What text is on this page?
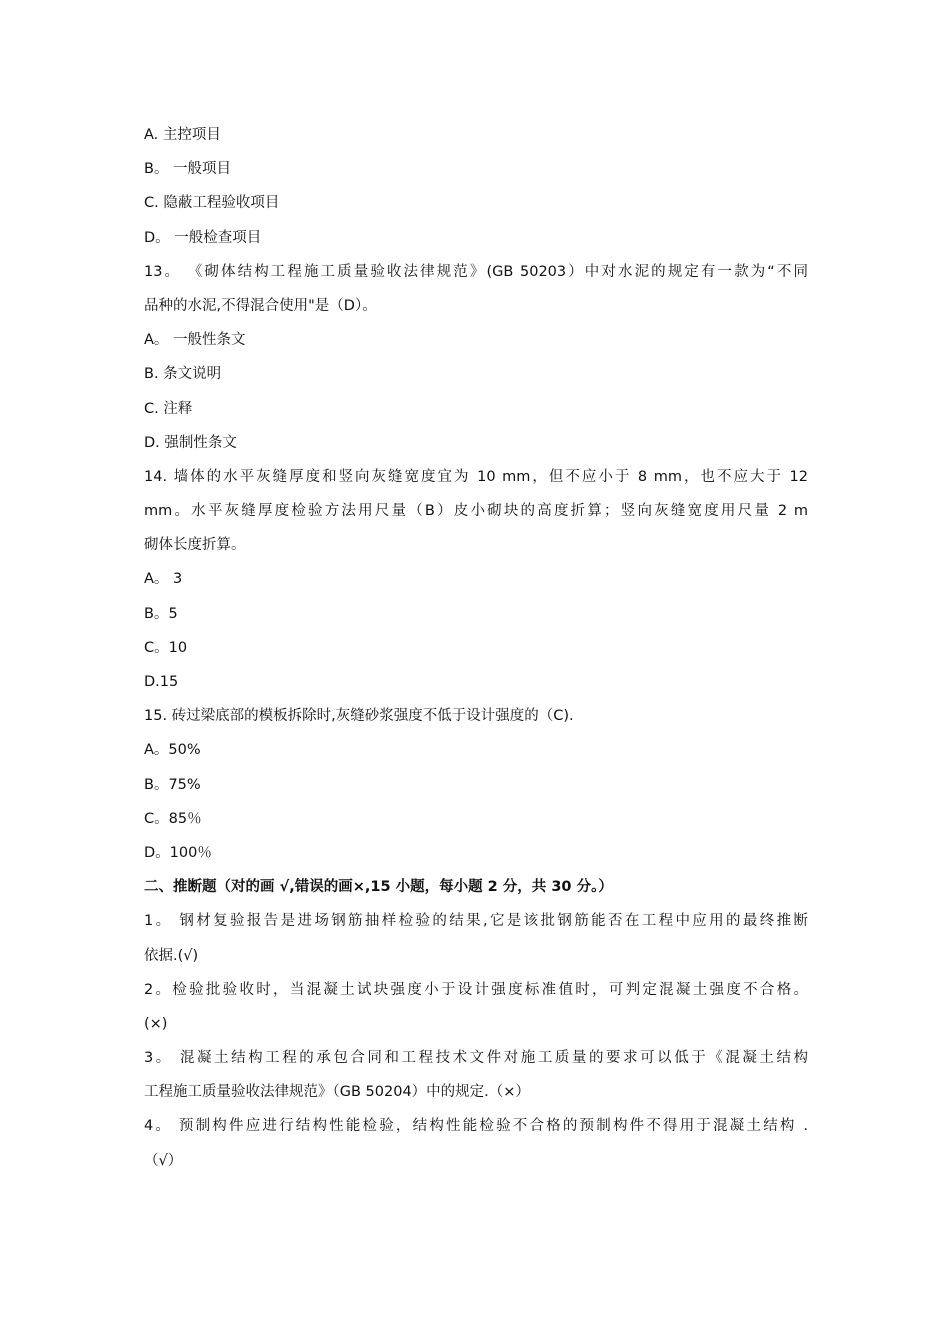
A. 主控项目
B。 一般项目
C. 隐蔽工程验收项目
D。 一般检查项目
13。 《砌体结构工程施工质量验收法律规范》(GB 50203）中对水泥的规定有一款为“不同
品种的水泥,不得混合使用"是（D）。
A。 一般性条文
B. 条文说明
C. 注释
D. 强制性条文
14. 墙体的水平灰缝厚度和竖向灰缝宽度宜为 10 mm，但不应小于 8 mm，也不应大于 12
mm。水平灰缝厚度检验方法用尺量（B）皮小砌块的高度折算；竖向灰缝宽度用尺量 2 m
砌体长度折算。
A。 3
B。5
C。10
D.15
15. 砖过梁底部的模板拆除时,灰缝砂浆强度不低于设计强度的（C).
A。50%
B。75%
C。85％
D。100％
二、推断题（对的画 √,错误的画×,15 小题，每小题 2 分，共 30 分。）
1。 钢材复验报告是进场钢筋抽样检验的结果,它是该批钢筋能否在工程中应用的最终推断
依据.(√)
2。检验批验收时，当混凝土试块强度小于设计强度标准值时，可判定混凝土强度不合格。
(×)
3。 混凝土结构工程的承包合同和工程技术文件对施工质量的要求可以低于《混凝土结构
工程施工质量验收法律规范》（GB 50204）中的规定.（×）
4。 预制构件应进行结构性能检验，结构性能检验不合格的预制构件不得用于混凝土结构 .
（√）
